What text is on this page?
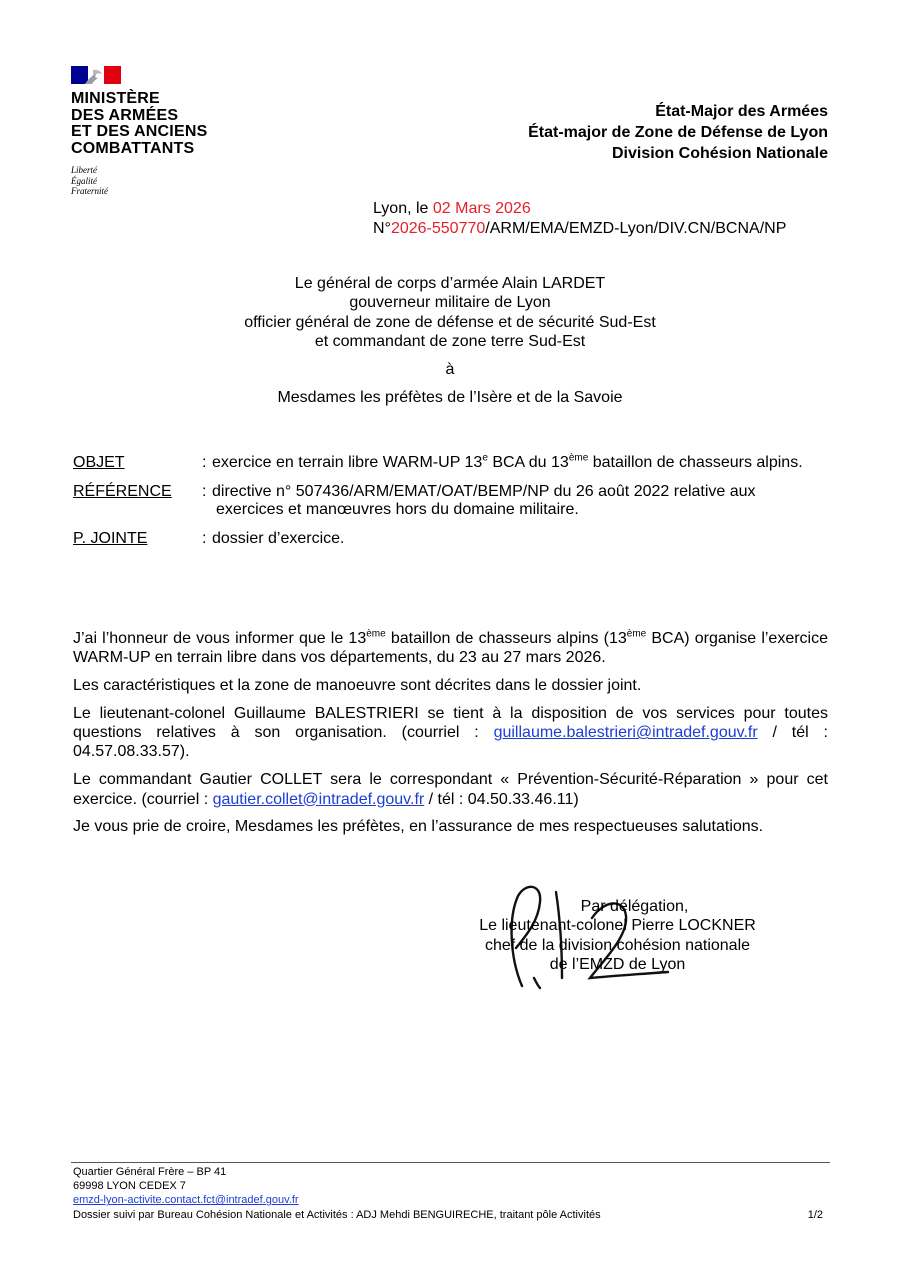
MINISTÈRE
DES ARMÉES
ET DES ANCIENS
COMBATTANTS
Liberté
Égalité
Fraternité
État-Major des Armées
État-major de Zone de Défense de Lyon
Division Cohésion Nationale
Lyon, le 02 Mars 2026
N°2026-550770/ARM/EMA/EMZD-Lyon/DIV.CN/BCNA/NP
Le général de corps d’armée Alain LARDET
gouverneur militaire de Lyon
officier général de zone de défense et de sécurité Sud-Est
et commandant de zone terre Sud-Est
à
Mesdames les préfètes de l’Isère et de la Savoie
OBJET	: exercice en terrain libre WARM-UP 13e BCA du 13ème bataillon de chasseurs alpins.
RÉFÉRENCE : directive n° 507436/ARM/EMAT/OAT/BEMP/NP du 26 août 2022 relative aux
exercices et manœuvres hors du domaine militaire.
P. JOINTE	: dossier d’exercice.

J’ai l’honneur de vous informer que le 13ème bataillon de chasseurs alpins (13ème BCA) organise l’exercice WARM-UP en terrain libre dans vos départements, du 23 au 27 mars 2026.

Les caractéristiques et la zone de manoeuvre sont décrites dans le dossier joint.

Le lieutenant-colonel Guillaume BALESTRIERI se tient à la disposition de vos services pour toutes questions relatives à son organisation. (courriel : guillaume.balestrieri@intradef.gouv.fr / tél : 04.57.08.33.57).

Le commandant Gautier COLLET sera le correspondant « Prévention-Sécurité-Réparation » pour cet exercice. (courriel : gautier.collet@intradef.gouv.fr / tél : 04.50.33.46.11)

Je vous prie de croire, Mesdames les préfètes, en l’assurance de mes respectueuses salutations.

Par délégation,
Le lieutenant-colonel Pierre LOCKNER
chef de la division cohésion nationale
de l’EMZD de Lyon
Quartier Général Frère – BP 41
69998 LYON CEDEX 7
emzd-lyon-activite.contact.fct@intradef.gouv.fr
Dossier suivi par Bureau Cohésion Nationale et Activités : ADJ Mehdi BENGUIRECHE, traitant pôle Activités	1/2
